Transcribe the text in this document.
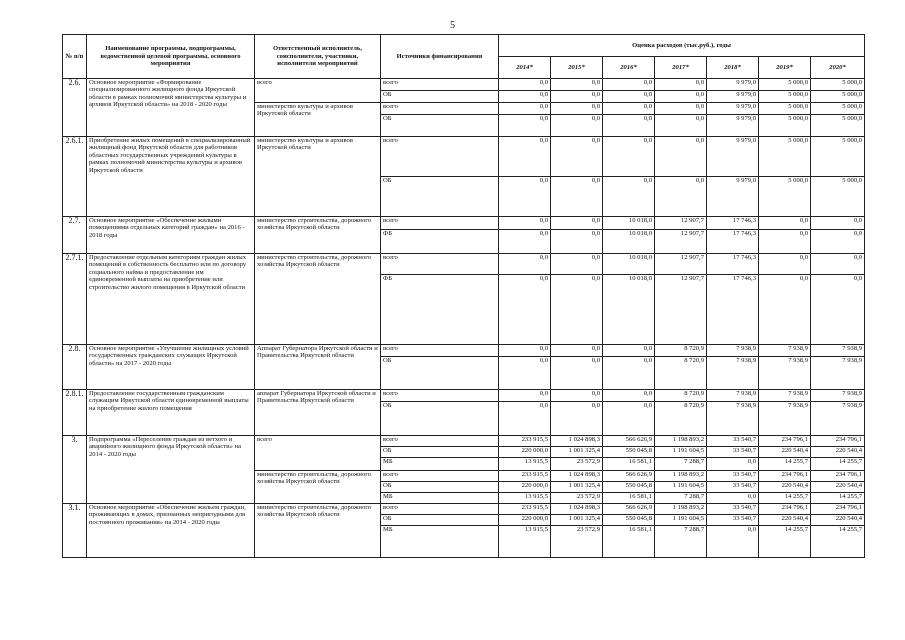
5
№ п/п	Наименование программы, подпрограммы, ведомственной целевой программы, основного мероприятия	Ответственный исполнитель, соисполнители, участники, исполнители мероприятий	Источники финансирования	Оценка расходов (тыс.руб.), годы						
				2014*	2015*	2016*	2017*	2018*	2019*	2020*
2.6.	Основное мероприятие «Формирование специализированного жилищного фонда Иркутской области в рамках полномочий министерства культуры и архивов Иркутской области» на 2018 - 2020 годы	всего	всего	0,0	0,0	0,0	0,0	9 979,0	5 000,0	5 000,0
			ОБ	0,0	0,0	0,0	0,0	9 979,0	5 000,0	5 000,0
		министерство культуры и архивов Иркутской области	всего	0,0	0,0	0,0	0,0	9 979,0	5 000,0	5 000,0
			ОБ	0,0	0,0	0,0	0,0	9 979,0	5 000,0	5 000,0
2.6.1.	Приобретение жилых помещений в специализированный жилищный фонд Иркутской области для работников областных государственных учреждений культуры в рамках полномочий министерства культуры и архивов Иркутской области	министерство культуры и архивов Иркутской области	всего	0,0	0,0	0,0	0,0	9 979,0	5 000,0	5 000,0
			ОБ	0,0	0,0	0,0	0,0	9 979,0	5 000,0	5 000,0
2.7.	Основное мероприятие «Обеспечение жилыми помещениями отдельных категорий граждан» на 2016 - 2018 годы	министерство строительства, дорожного хозяйства Иркутской области	всего	0,0	0,0	10 018,0	12 907,7	17 746,3	0,0	0,0
			ФБ	0,0	0,0	10 018,0	12 907,7	17 746,3	0,0	0,0
2.7.1.	Предоставление отдельным категориям граждан жилых помещений в собственность бесплатно или по договору социального найма и предоставление им единовременной выплаты на приобретение или строительство жилого помещения в Иркутской области	министерство строительства, дорожного хозяйства Иркутской области	всего	0,0	0,0	10 018,0	12 907,7	17 746,3	0,0	0,0
			ФБ	0,0	0,0	10 018,0	12 907,7	17 746,3	0,0	0,0
2.8.	Основное мероприятие «Улучшение жилищных условий государственных гражданских служащих Иркутской области» на 2017 - 2020 годы	Аппарат Губернатора Иркутской области и Правительства Иркутской области	всего	0,0	0,0	0,0	8 720,9	7 938,9	7 938,9	7 938,9
			ОБ	0,0	0,0	0,0	8 720,9	7 938,9	7 938,9	7 938,9
2.8.1.	Предоставление государственным гражданским служащим Иркутской области единовременной выплаты на приобретение жилого помещения	аппарат Губернатора Иркутской области и Правительства Иркутской области	всего	0,0	0,0	0,0	8 720,9	7 938,9	7 938,9	7 938,9
			ОБ	0,0	0,0	0,0	8 720,9	7 938,9	7 938,9	7 938,9
3.	Подпрограмма «Переселение граждан из ветхого и аварийного жилищного фонда Иркутской области» на 2014 - 2020 годы	всего	всего	233 915,5	1 024 898,3	566 626,9	1 198 893,2	33 540,7	234 796,1	234 796,1
			ОБ	220 000,0	1 001 325,4	550 045,8	1 191 604,5	33 540,7	220 540,4	220 540,4
			МБ	13 915,5	23 572,9	16 581,1	7 288,7	0,0	14 255,7	14 255,7
		министерство строительства, дорожного хозяйства Иркутской области	всего	233 915,5	1 024 898,3	566 626,9	1 198 893,2	33 540,7	234 796,1	234 796,1
			ОБ	220 000,0	1 001 325,4	550 045,8	1 191 604,5	33 540,7	220 540,4	220 540,4
			МБ	13 915,5	23 572,9	16 581,1	7 288,7	0,0	14 255,7	14 255,7
3.1.	Основное мероприятие «Обеспечение жильем граждан, проживающих в домах, признанных непригодными для постоянного проживания» на 2014 - 2020 годы	министерство строительства, дорожного хозяйства Иркутской области	всего	233 915,5	1 024 898,3	566 626,9	1 198 893,2	33 540,7	234 796,1	234 796,1
			ОБ	220 000,0	1 001 325,4	550 045,8	1 191 604,5	33 540,7	220 540,4	220 540,4
			МБ	13 915,5	23 572,9	16 581,1	7 288,7	0,0	14 255,7	14 255,7
